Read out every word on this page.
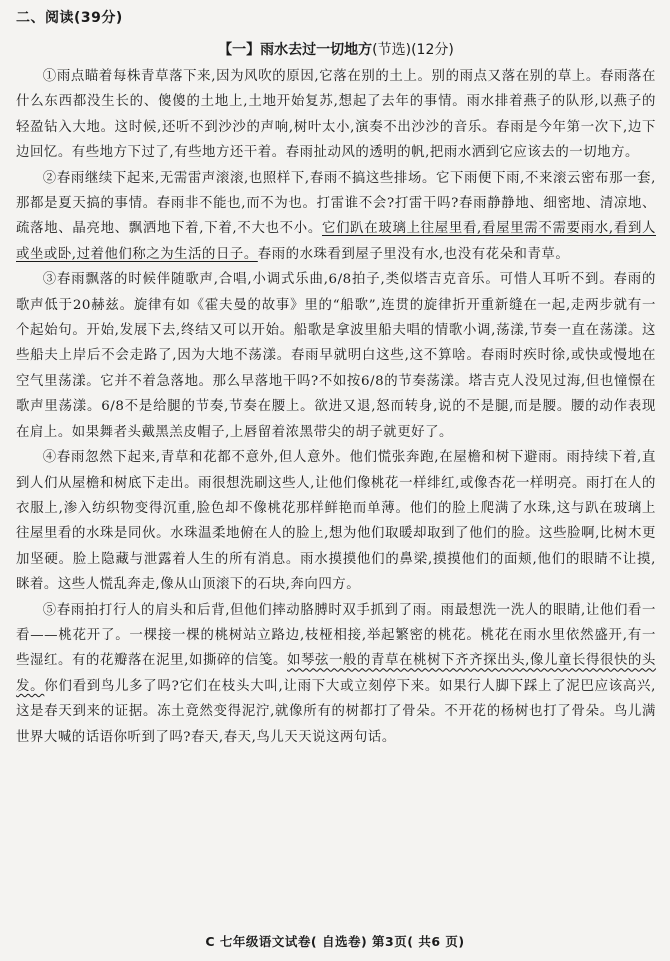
二、阅读(39分)

【一】雨水去过一切地方(节选)(12分)

①雨点瞄着每株青草落下来,因为风吹的原因,它落在别的土上。别的雨点又落在别的草上。春雨落在什么东西都没生长的、傻傻的土地上,土地开始复苏,想起了去年的事情。雨水排着燕子的队形,以燕子的轻盈钻入大地。这时候,还听不到沙沙的声响,树叶太小,演奏不出沙沙的音乐。春雨是今年第一次下,边下边回忆。有些地方下过了,有些地方还干着。春雨扯动风的透明的帆,把雨水洒到它应该去的一切地方。

②春雨继续下起来,无需雷声滚滚,也照样下,春雨不搞这些排场。它下雨便下雨,不来滚云密布那一套,那都是夏天搞的事情。春雨非不能也,而不为也。打雷谁不会?打雷干吗?春雨静静地、细密地、清凉地、疏落地、晶亮地、飘洒地下着,下着,不大也不小。它们趴在玻璃上往屋里看,看屋里需不需要雨水,看到人或坐或卧,过着他们称之为生活的日子。春雨的水珠看到屋子里没有水,也没有花朵和青草。

③春雨飘落的时候伴随歌声,合唱,小调式乐曲,6/8拍子,类似塔吉克音乐。可惜人耳听不到。春雨的歌声低于20赫兹。旋律有如《霍夫曼的故事》里的“船歌”,连贯的旋律折开重新缝在一起,走两步就有一个起始句。开始,发展下去,终结又可以开始。船歌是拿波里船夫唱的情歌小调,荡漾,节奏一直在荡漾。这些船夫上岸后不会走路了,因为大地不荡漾。春雨早就明白这些,这不算啥。春雨时疾时徐,或快或慢地在空气里荡漾。它并不着急落地。那么早落地干吗?不如按6/8的节奏荡漾。塔吉克人没见过海,但也憧憬在歌声里荡漾。6/8不是给腿的节奏,节奏在腰上。欲进又退,怒而转身,说的不是腿,而是腰。腰的动作表现在肩上。如果舞者头戴黑羔皮帽子,上唇留着浓黑带尖的胡子就更好了。

④春雨忽然下起来,青草和花都不意外,但人意外。他们慌张奔跑,在屋檐和树下避雨。雨持续下着,直到人们从屋檐和树底下走出。雨很想洗刷这些人,让他们像桃花一样绯红,或像杏花一样明亮。雨打在人的衣服上,渗入纺织物变得沉重,脸色却不像桃花那样鲜艳而单薄。他们的脸上爬满了水珠,这与趴在玻璃上往屋里看的水珠是同伙。水珠温柔地俯在人的脸上,想为他们取暖却取到了他们的脸。这些脸啊,比树木更加坚硬。脸上隐藏与泄露着人生的所有消息。雨水摸摸他们的鼻梁,摸摸他们的面颊,他们的眼睛不让摸,眯着。这些人慌乱奔走,像从山顶滚下的石块,奔向四方。

⑤春雨拍打行人的肩头和后背,但他们摔动胳膊时双手抓到了雨。雨最想洗一洗人的眼睛,让他们看一看——桃花开了。一棵接一棵的桃树站立路边,枝桠相接,举起繁密的桃花。桃花在雨水里依然盛开,有一些湿红。有的花瓣落在泥里,如撕碎的信笺。如琴弦一般的青草在桃树下齐齐探出头,像儿童长得很快的头发。你们看到鸟儿多了吗?它们在枝头大叫,让雨下大或立刻停下来。如果行人脚下踩上了泥巴应该高兴,这是春天到来的证据。冻土竟然变得泥泞,就像所有的树都打了骨朵。不开花的杨树也打了骨朵。鸟儿满世界大喊的话语你听到了吗?春天,春天,鸟儿天天说这两句话。

C 七年级语文试卷( 自选卷) 第3页( 共6 页)
